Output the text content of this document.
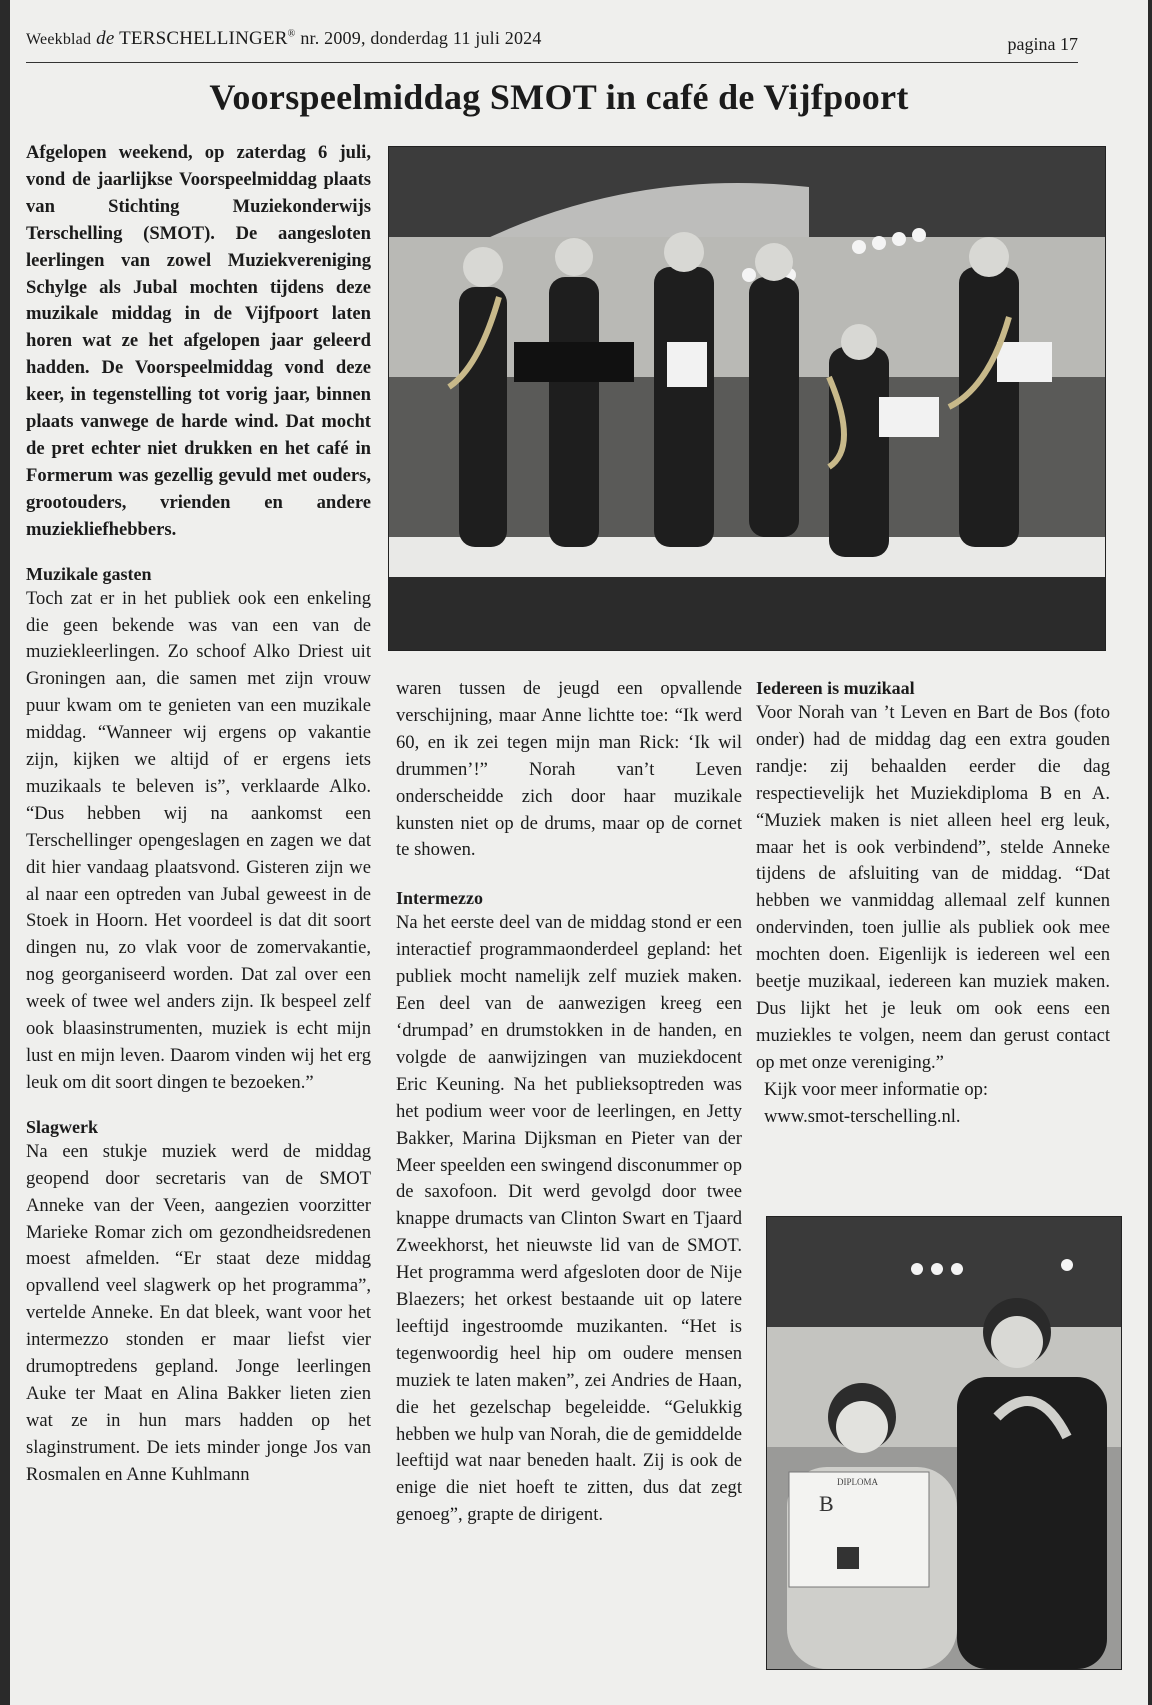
Weekblad de TERSCHELLINGER® nr. 2009, donderdag 11 juli 2024	pagina 17
Voorspeelmiddag SMOT in café de Vijfpoort

Afgelopen weekend, op zaterdag 6 juli, vond de jaarlijkse Voorspeelmiddag plaats van Stichting Muziekonderwijs Terschelling (SMOT). De aangesloten leerlingen van zowel Muziekvereniging Schylge als Jubal mochten tijdens deze muzikale middag in de Vijfpoort laten horen wat ze het afgelopen jaar geleerd hadden. De Voorspeelmiddag vond deze keer, in tegenstelling tot vorig jaar, binnen plaats vanwege de harde wind. Dat mocht de pret echter niet drukken en het café in Formerum was gezellig gevuld met ouders, grootouders, vrienden en andere muziekliefhebbers.

Muzikale gasten

Toch zat er in het publiek ook een enkeling die geen bekende was van een van de muziekleerlingen. Zo schoof Alko Driest uit Groningen aan, die samen met zijn vrouw puur kwam om te genieten van een muzikale middag. “Wanneer wij ergens op vakantie zijn, kijken we altijd of er ergens iets muzikaals te beleven is”, verklaarde Alko. “Dus hebben wij na aankomst een Terschellinger opengeslagen en zagen we dat dit hier vandaag plaatsvond. Gisteren zijn we al naar een optreden van Jubal geweest in de Stoek in Hoorn. Het voordeel is dat dit soort dingen nu, zo vlak voor de zomervakantie, nog georganiseerd worden. Dat zal over een week of twee wel anders zijn. Ik bespeel zelf ook blaasinstrumenten, muziek is echt mijn lust en mijn leven. Daarom vinden wij het erg leuk om dit soort dingen te bezoeken.”

Slagwerk

Na een stukje muziek werd de middag geopend door secretaris van de SMOT Anneke van der Veen, aangezien voorzitter Marieke Romar zich om gezondheidsredenen moest afmelden. “Er staat deze middag opvallend veel slagwerk op het programma”, vertelde Anneke. En dat bleek, want voor het intermezzo stonden er maar liefst vier drumoptredens gepland. Jonge leerlingen Auke ter Maat en Alina Bakker lieten zien wat ze in hun mars hadden op het slaginstrument. De iets minder jonge Jos van Rosmalen en Anne Kuhlmann

waren tussen de jeugd een opvallende verschijning, maar Anne lichtte toe: “Ik werd 60, en ik zei tegen mijn man Rick: ‘Ik wil drummen’!” Norah van’t Leven onderscheidde zich door haar muzikale kunsten niet op de drums, maar op de cornet te showen.

Intermezzo

Na het eerste deel van de middag stond er een interactief programmaonderdeel gepland: het publiek mocht namelijk zelf muziek maken. Een deel van de aanwezigen kreeg een ‘drumpad’ en drumstokken in de handen, en volgde de aanwijzingen van muziekdocent Eric Keuning. Na het publieksoptreden was het podium weer voor de leerlingen, en Jetty Bakker, Marina Dijksman en Pieter van der Meer speelden een swingend disconummer op de saxofoon. Dit werd gevolgd door twee knappe drumacts van Clinton Swart en Tjaard Zweekhorst, het nieuwste lid van de SMOT. Het programma werd afgesloten door de Nije Blaezers; het orkest bestaande uit op latere leeftijd ingestroomde muzikanten. “Het is tegenwoordig heel hip om oudere mensen muziek te laten maken”, zei Andries de Haan, die het gezelschap begeleidde. “Gelukkig hebben we hulp van Norah, die de gemiddelde leeftijd wat naar beneden haalt. Zij is ook de enige die niet hoeft te zitten, dus dat zegt genoeg”, grapte de dirigent.

Iedereen is muzikaal

Voor Norah van ’t Leven en Bart de Bos (foto onder) had de middag dag een extra gouden randje: zij behaalden eerder die dag respectievelijk het Muziekdiploma B en A. “Muziek maken is niet alleen heel erg leuk, maar het is ook verbindend”, stelde Anneke tijdens de afsluiting van de middag. “Dat hebben we vanmiddag allemaal zelf kunnen ondervinden, toen jullie als publiek ook mee mochten doen. Eigenlijk is iedereen wel een beetje muzikaal, iedereen kan muziek maken. Dus lijkt het je leuk om ook eens een muziekles te volgen, neem dan gerust contact op met onze vereniging.”

Kijk voor meer informatie op:

www.smot-terschelling.nl.

DIPLOMA
B
